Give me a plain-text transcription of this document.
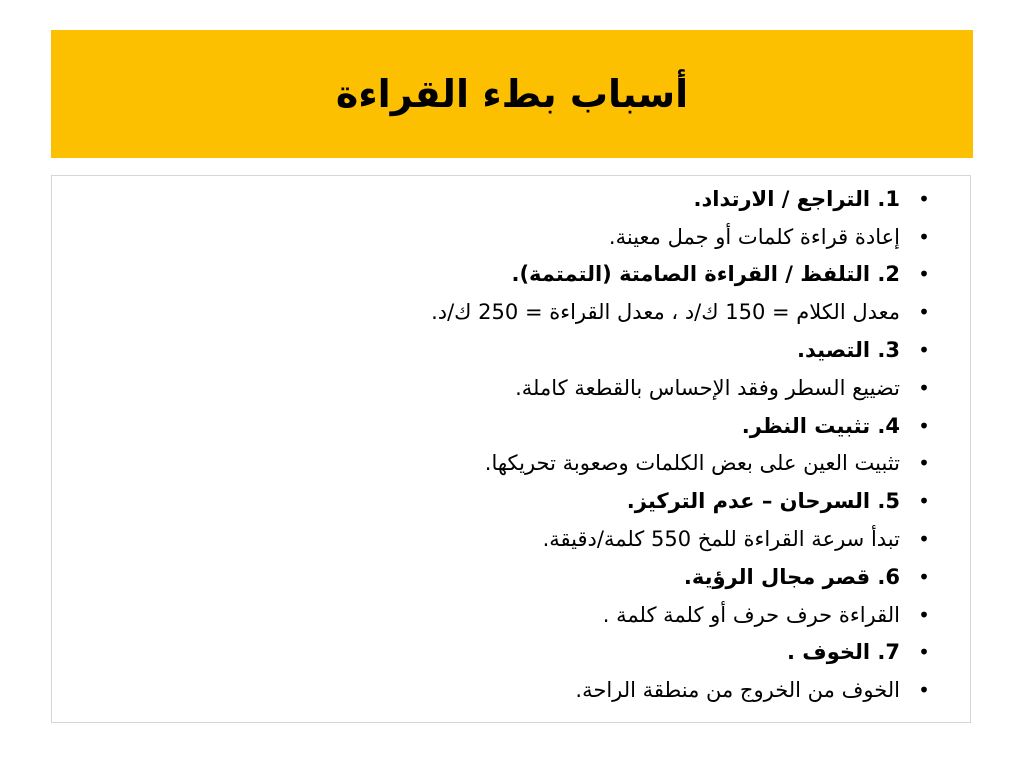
أسباب بطء القراءة
•
1. التراجع / الارتداد.
•
إعادة قراءة كلمات أو جمل معينة.
•
2. التلفظ / القراءة الصامتة (التمتمة).
•
معدل الكلام = 150 ك/د ، معدل القراءة = 250 ك/د.
•
3. التصيد.
•
تضييع السطر وفقد الإحساس بالقطعة كاملة.
•
4. تثبيت النظر.
•
تثبيت العين على بعض الكلمات وصعوبة تحريكها.
•
5. السرحان – عدم التركيز.
•
تبدأ سرعة القراءة للمخ 550 كلمة/دقيقة.
•
6. قصر مجال الرؤية.
•
القراءة حرف حرف أو كلمة كلمة .
•
7. الخوف .
•
الخوف من الخروج من منطقة الراحة.
